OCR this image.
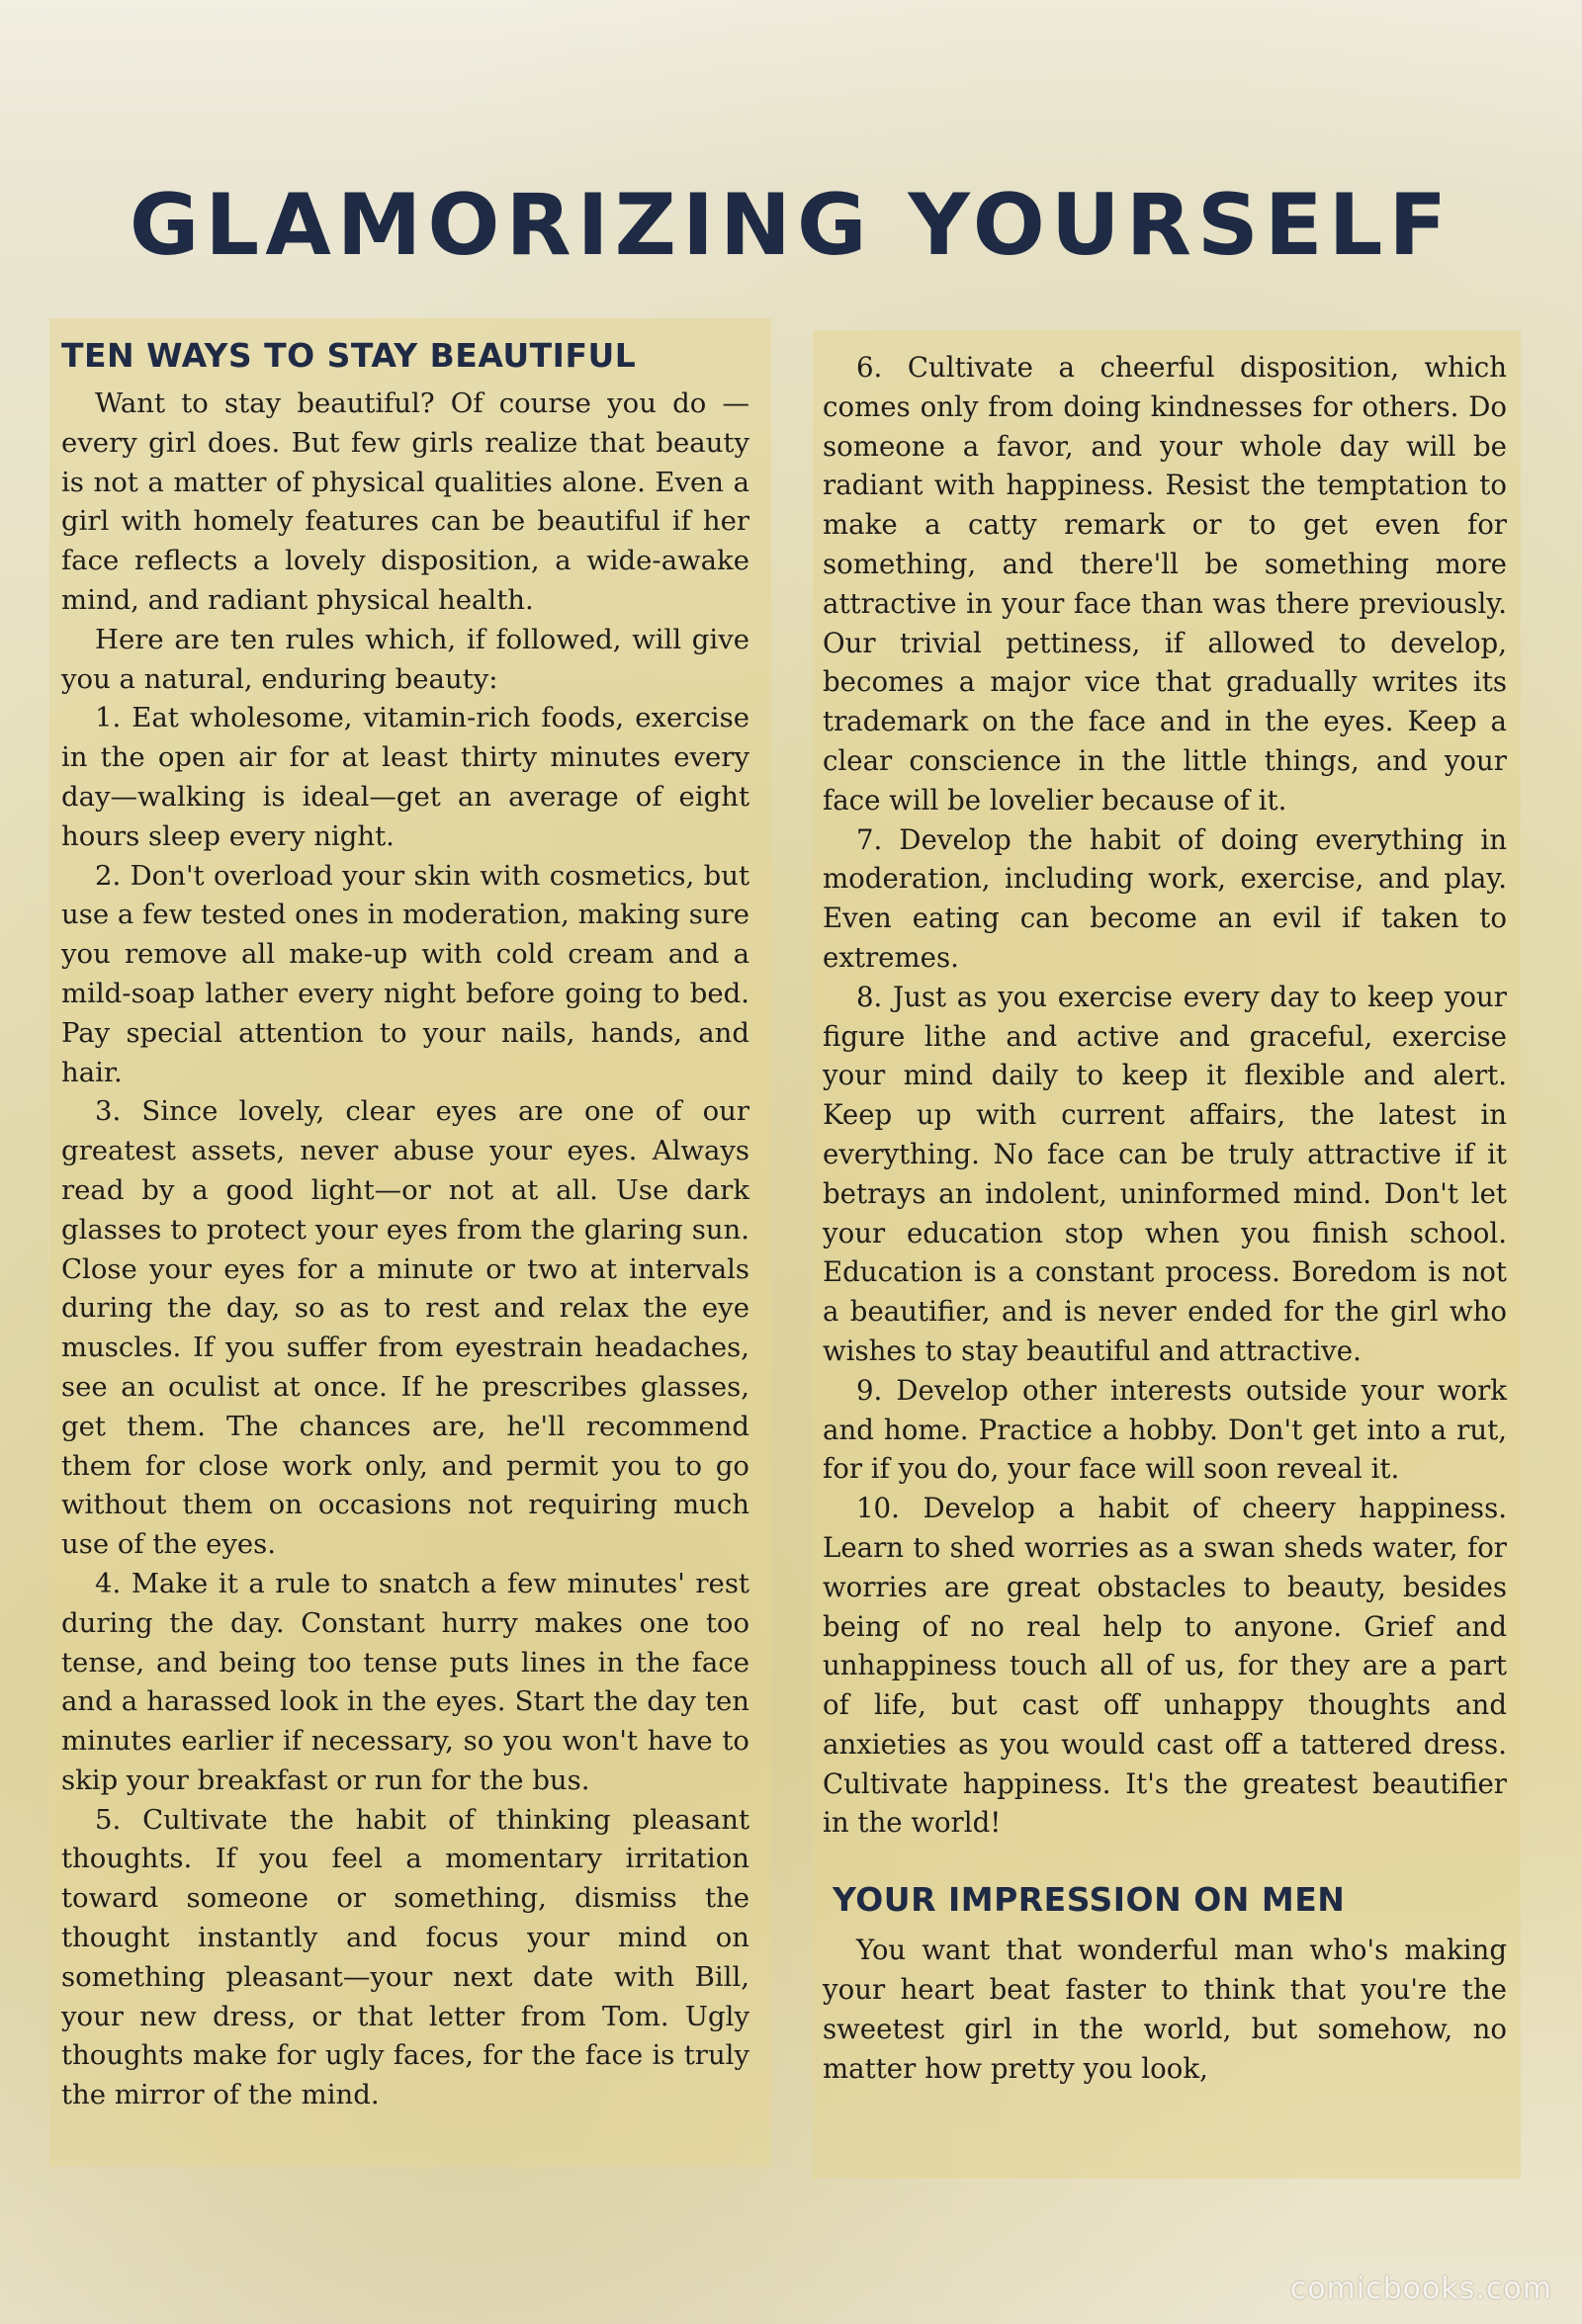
GLAMORIZING YOURSELF
TEN WAYS TO STAY BEAUTIFUL

Want to stay beautiful? Of course you do —every girl does. But few girls realize that beauty is not a matter of physical qualities alone. Even a girl with homely features can be beautiful if her face reflects a lovely disposition, a wide-awake mind, and radiant physical health.

Here are ten rules which, if followed, will give you a natural, enduring beauty:

1. Eat wholesome, vitamin-rich foods, exercise in the open air for at least thirty minutes every day—walking is ideal—get an average of eight hours sleep every night.

2. Don't overload your skin with cosmetics, but use a few tested ones in moderation, making sure you remove all make-up with cold cream and a mild-soap lather every night before going to bed. Pay special attention to your nails, hands, and hair.

3. Since lovely, clear eyes are one of our greatest assets, never abuse your eyes. Always read by a good light—or not at all. Use dark glasses to protect your eyes from the glaring sun. Close your eyes for a minute or two at intervals during the day, so as to rest and relax the eye muscles. If you suffer from eyestrain headaches, see an oculist at once. If he prescribes glasses, get them. The chances are, he'll recommend them for close work only, and permit you to go without them on occasions not requiring much use of the eyes.

4. Make it a rule to snatch a few minutes' rest during the day. Constant hurry makes one too tense, and being too tense puts lines in the face and a harassed look in the eyes. Start the day ten minutes earlier if necessary, so you won't have to skip your breakfast or run for the bus.

5. Cultivate the habit of thinking pleasant thoughts. If you feel a momentary irritation toward someone or something, dismiss the thought instantly and focus your mind on something pleasant—your next date with Bill, your new dress, or that letter from Tom. Ugly thoughts make for ugly faces, for the face is truly the mirror of the mind.

6. Cultivate a cheerful disposition, which comes only from doing kindnesses for others. Do someone a favor, and your whole day will be radiant with happiness. Resist the temptation to make a catty remark or to get even for something, and there'll be something more attractive in your face than was there previously. Our trivial pettiness, if allowed to develop, becomes a major vice that gradually writes its trademark on the face and in the eyes. Keep a clear conscience in the little things, and your face will be lovelier because of it.

7. Develop the habit of doing everything in moderation, including work, exercise, and play. Even eating can become an evil if taken to extremes.

8. Just as you exercise every day to keep your figure lithe and active and graceful, exercise your mind daily to keep it flexible and alert. Keep up with current affairs, the latest in everything. No face can be truly attractive if it betrays an indolent, uninformed mind. Don't let your education stop when you finish school. Education is a constant process. Boredom is not a beautifier, and is never ended for the girl who wishes to stay beautiful and attractive.

9. Develop other interests outside your work and home. Practice a hobby. Don't get into a rut, for if you do, your face will soon reveal it.

10. Develop a habit of cheery happiness. Learn to shed worries as a swan sheds water, for worries are great obstacles to beauty, besides being of no real help to anyone. Grief and unhappiness touch all of us, for they are a part of life, but cast off unhappy thoughts and anxieties as you would cast off a tattered dress. Cultivate happiness. It's the greatest beautifier in the world!

YOUR IMPRESSION ON MEN

You want that wonderful man who's making your heart beat faster to think that you're the sweetest girl in the world, but somehow, no matter how pretty you look,

comicbooks.com
